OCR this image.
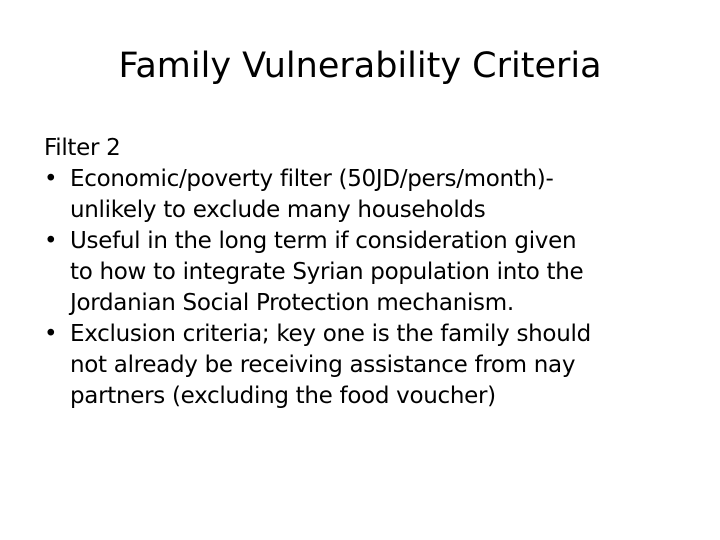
Family Vulnerability Criteria

Filter 2

• Economic/poverty filter (50JD/pers/month)-
unlikely to exclude many households
• Useful in the long term if consideration given
to how to integrate Syrian population into the
Jordanian Social Protection mechanism.
• Exclusion criteria; key one is the family should
not already be receiving assistance from nay
partners (excluding the food voucher)
